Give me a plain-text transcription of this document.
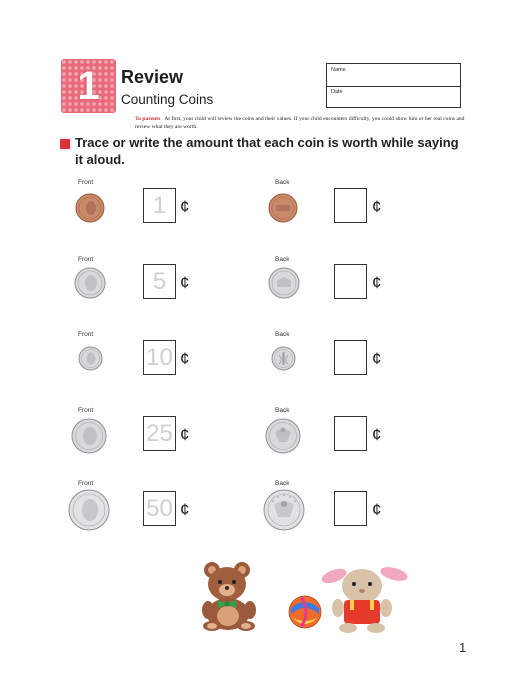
1 Review
Counting Coins
Name
Date
To parents At first, your child will review the coins and their values. If your child encounters difficulty, you could show him or her real coins and review what they are worth.
Trace or write the amount that each coin is worth while saying it aloud.
Front
1 ¢
Back
¢
Front
5 ¢
Back
¢
Front
10 ¢
Back
¢
Front
25 ¢
Back
¢
Front
50 ¢
Back
¢
1
